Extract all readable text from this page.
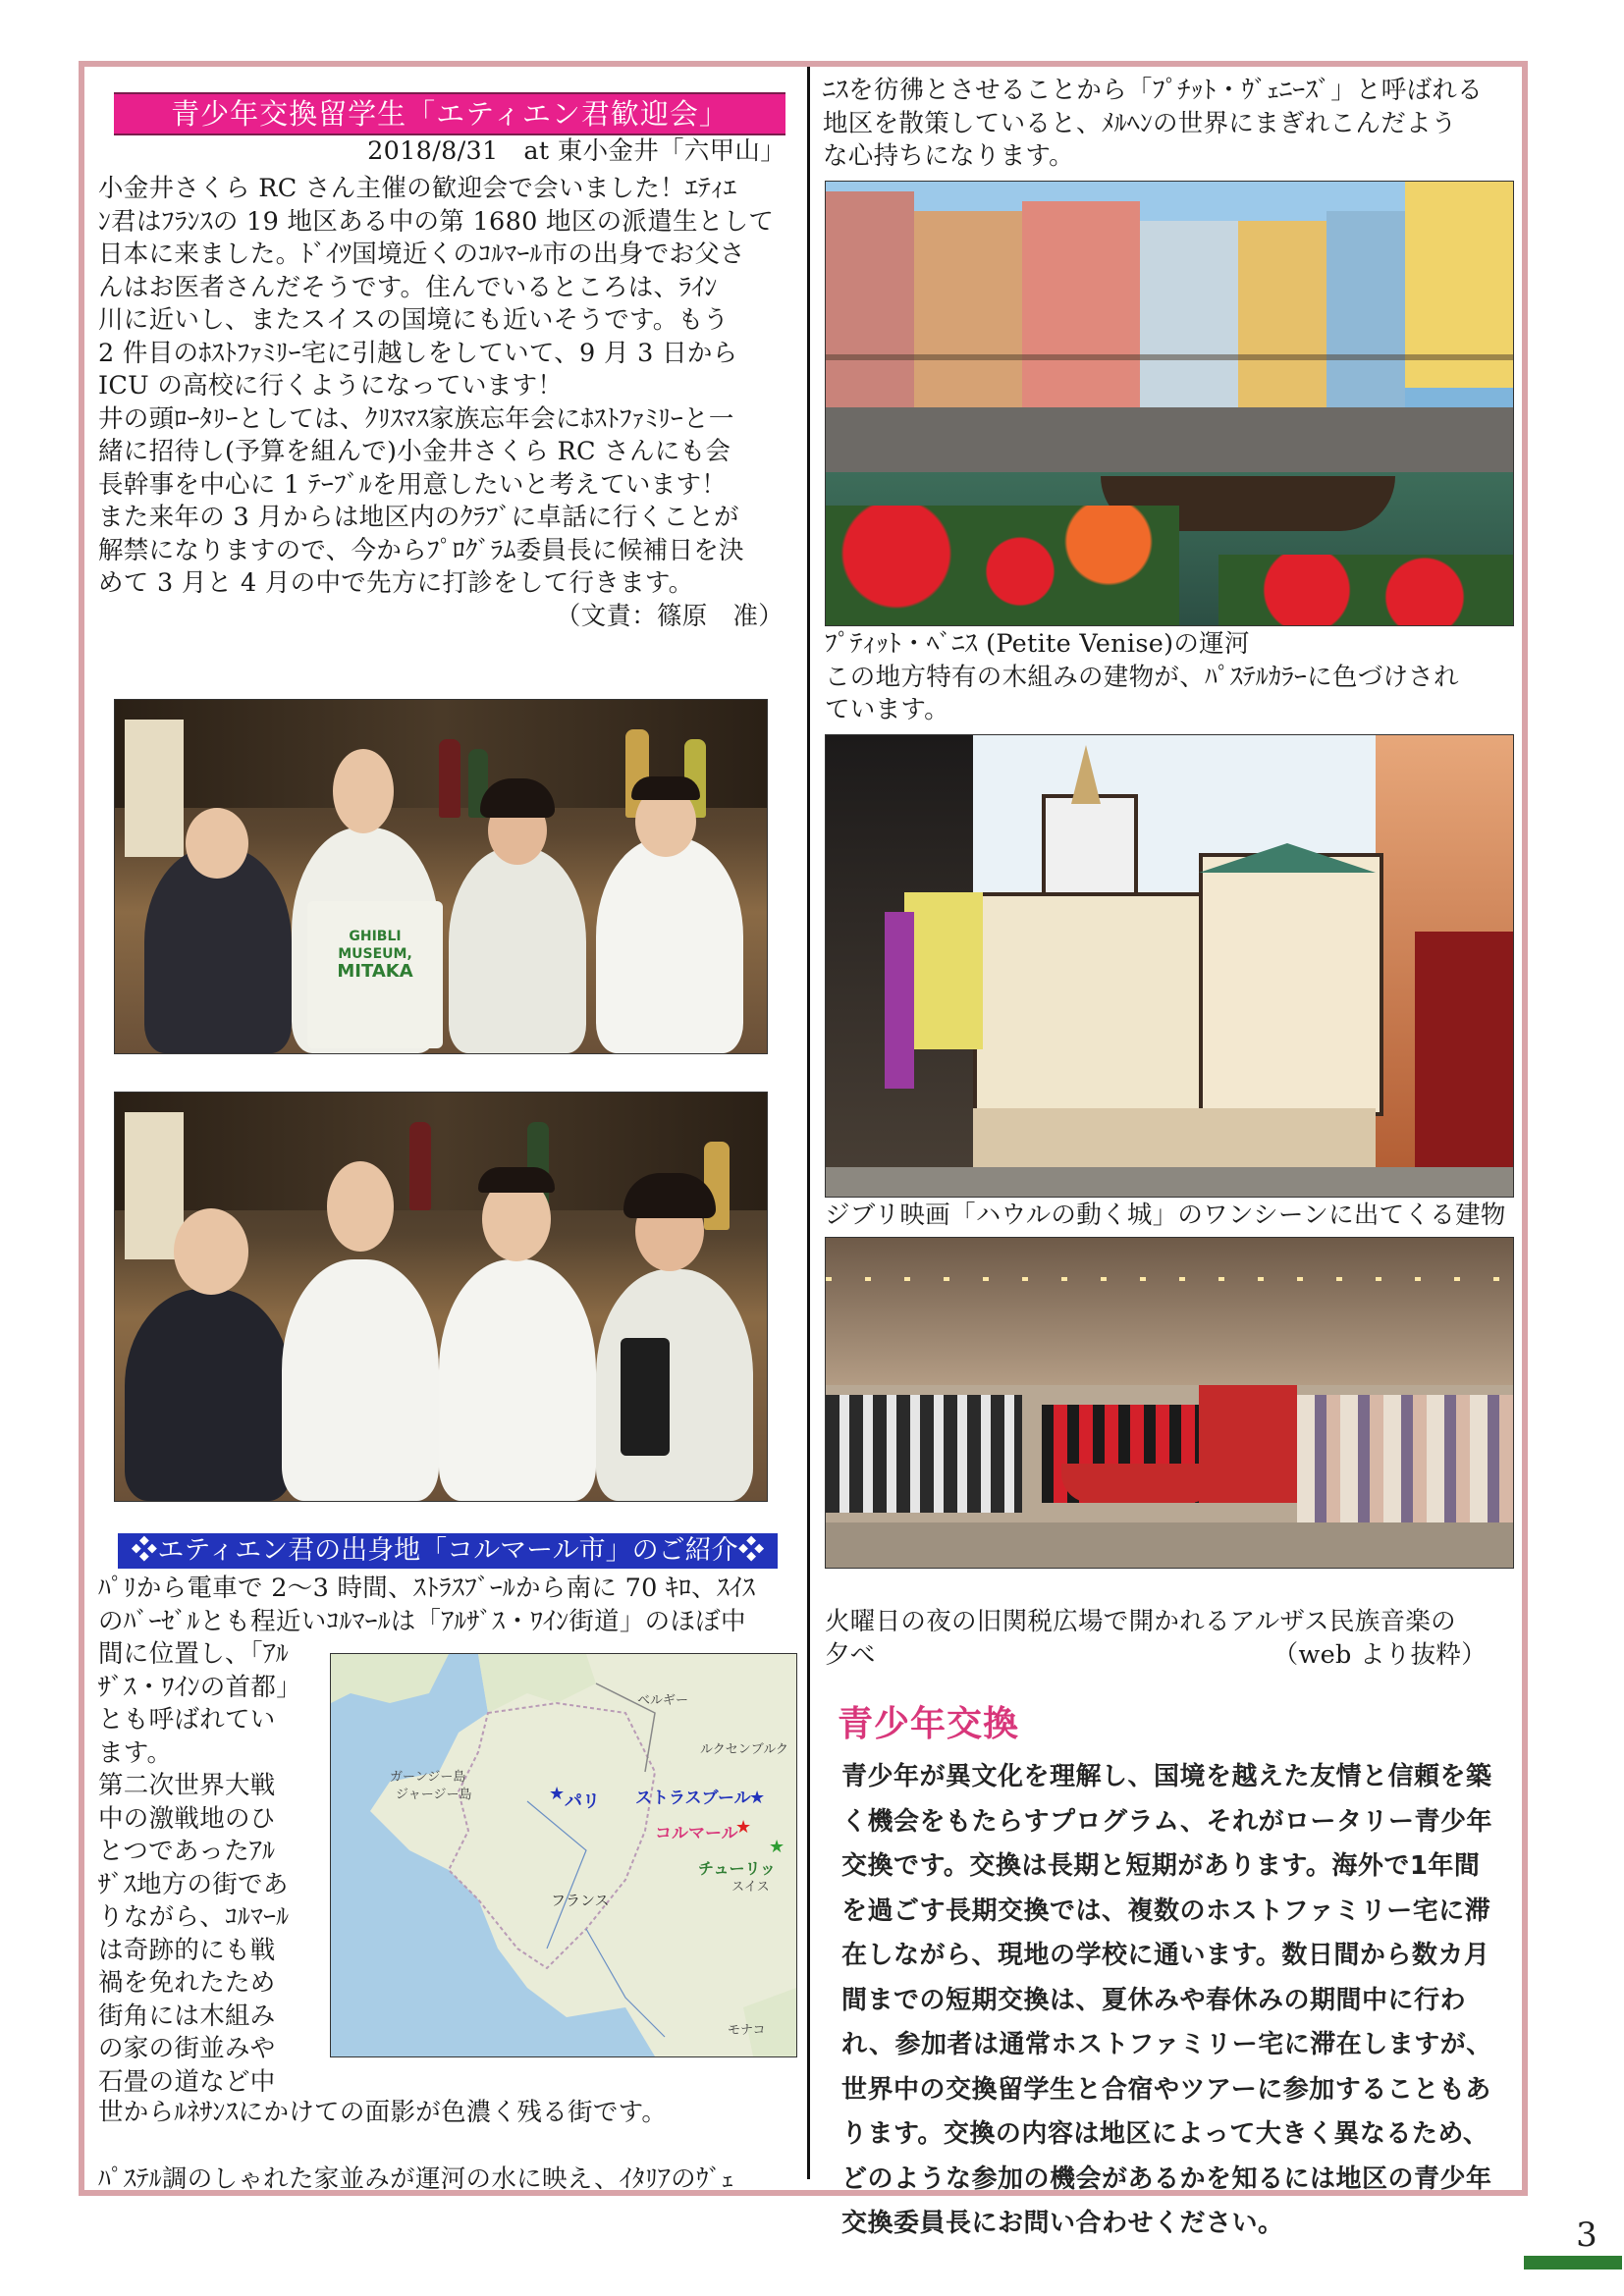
青少年交換留学生「エティエン君歓迎会」
2018/8/31　at 東小金井「六甲山」
小金井さくら RC さん主催の歓迎会で会いました！ｴﾃｨｴ
ﾝ君はﾌﾗﾝｽの 19 地区ある中の第 1680 地区の派遣生として
日本に来ました。ﾄﾞｲﾂ国境近くのｺﾙﾏｰﾙ市の出身でお父さ
んはお医者さんだそうです。住んでいるところは、ﾗｲﾝ
川に近いし、またスイスの国境にも近いそうです。もう
2 件目のﾎｽﾄﾌｧﾐﾘｰ宅に引越しをしていて、9 月 3 日から
ICU の高校に行くようになっています！
井の頭ﾛｰﾀﾘｰとしては、ｸﾘｽﾏｽ家族忘年会にﾎｽﾄﾌｧﾐﾘｰと一
緒に招待し(予算を組んで)小金井さくら RC さんにも会
長幹事を中心に 1 ﾃｰﾌﾞﾙを用意したいと考えています！
また来年の 3 月からは地区内のｸﾗﾌﾞに卓話に行くことが
解禁になりますので、今からﾌﾟﾛｸﾞﾗﾑ委員長に候補日を決
めて 3 月と 4 月の中で先方に打診をして行きます。
（文責：篠原　准）
GHIBLI MUSEUM,
MITAKA
❖エティエン君の出身地「コルマール市」のご紹介❖
ﾊﾟﾘから電車で 2〜3 時間、ｽﾄﾗｽﾌﾞｰﾙから南に 70 ｷﾛ、ｽｲｽ
のﾊﾞｰｾﾞﾙとも程近いｺﾙﾏｰﾙは「ｱﾙｻﾞｽ・ﾜｲﾝ街道」のほぼ中
間に位置し、「ｱﾙ
ｻﾞｽ・ﾜｲﾝの首都」
とも呼ばれてい
ます。
第二次世界大戦
中の激戦地のひ
とつであったｱﾙ
ｻﾞｽ地方の街であ
りながら、ｺﾙﾏｰﾙ
は奇跡的にも戦
禍を免れたため
街角には木組み
の家の街並みや
石畳の道など中
ベルギー
ルクセンブルク
ガーンジー島
ジャージー島	パリ
★	ストラスブール
★
コルマール
★
★
チューリッ
スイス
フランス
モナコ
世からﾙﾈｻﾝｽにかけての面影が色濃く残る街です。
ﾊﾟｽﾃﾙ調のしゃれた家並みが運河の水に映え、ｲﾀﾘｱのｳﾞｪ
ﾆｽを彷彿とさせることから「ﾌﾟﾁｯﾄ・ｳﾞｪﾆｰｽﾞ」と呼ばれる
地区を散策していると、ﾒﾙﾍﾝの世界にまぎれこんだよう
な心持ちになります。
ﾌﾟﾃｨｯﾄ・ﾍﾞﾆｽ (Petite Venise)の運河
この地方特有の木組みの建物が、ﾊﾟｽﾃﾙｶﾗｰに色づけされ
ています。
ジブリ映画「ハウルの動く城」のワンシーンに出てくる建物
火曜日の夜の旧関税広場で開かれるアルザス民族音楽の
夕べ	（web より抜粋）
青少年交換
青少年が異文化を理解し、国境を越えた友情と信頼を築く機会をもたらすプログラム、それがロータリー青少年交換です。交換は長期と短期があります。海外で1年間を過ごす長期交換では、複数のホストファミリー宅に滞在しながら、現地の学校に通います。数日間から数カ月間までの短期交換は、夏休みや春休みの期間中に行われ、参加者は通常ホストファミリー宅に滞在しますが、世界中の交換留学生と合宿やツアーに参加することもあります。交換の内容は地区によって大きく異なるため、どのような参加の機会があるかを知るには地区の青少年交換委員長にお問い合わせください。	3
